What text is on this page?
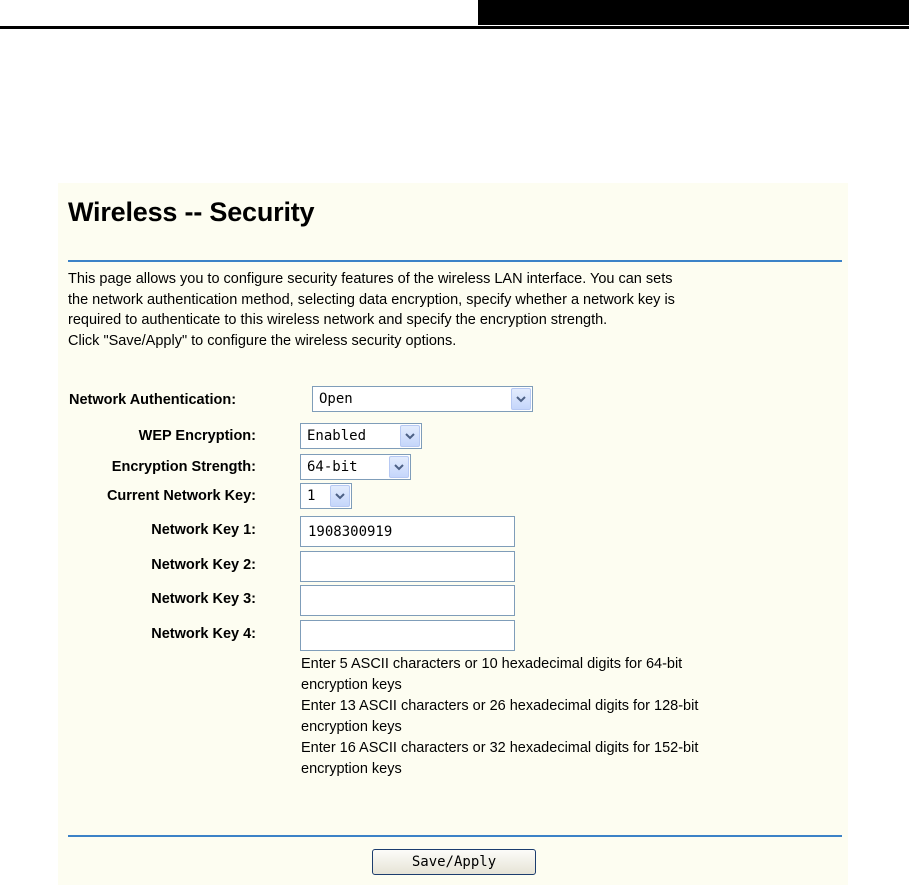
Wireless -- Security
This page allows you to configure security features of the wireless LAN interface. You can sets
the network authentication method, selecting data encryption, specify whether a network key is
required to authenticate to this wireless network and specify the encryption strength.
Click "Save/Apply" to configure the wireless security options.
Network Authentication:	Open
WEP Encryption:	Enabled
Encryption Strength:	64-bit
Current Network Key:	1
Network Key 1:
1908300919
Network Key 2:
Network Key 3:
Network Key 4:
Enter 5 ASCII characters or 10 hexadecimal digits for 64-bit
encryption keys
Enter 13 ASCII characters or 26 hexadecimal digits for 128-bit
encryption keys
Enter 16 ASCII characters or 32 hexadecimal digits for 152-bit
encryption keys
Save/Apply
